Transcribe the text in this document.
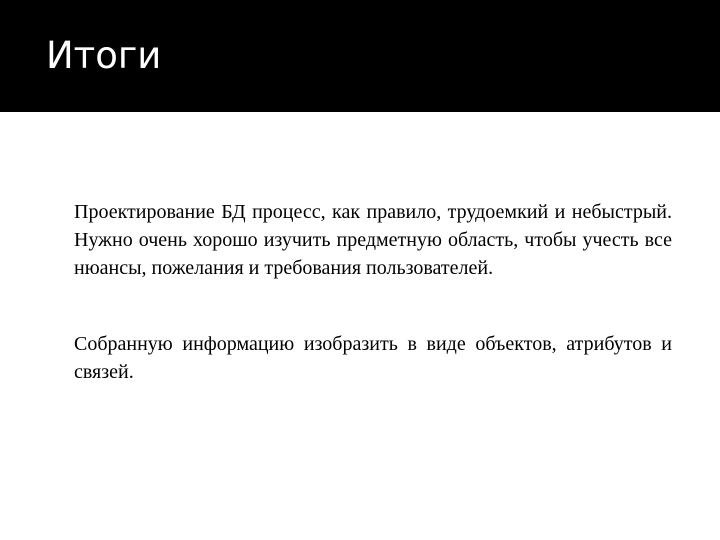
Итоги

Проектирование БД процесс, как правило, трудоемкий и небыстрый. Нужно очень хорошо изучить предметную область, чтобы учесть все нюансы, пожелания и требования пользователей.

Собранную информацию изобразить в виде объектов, атрибутов и связей.
